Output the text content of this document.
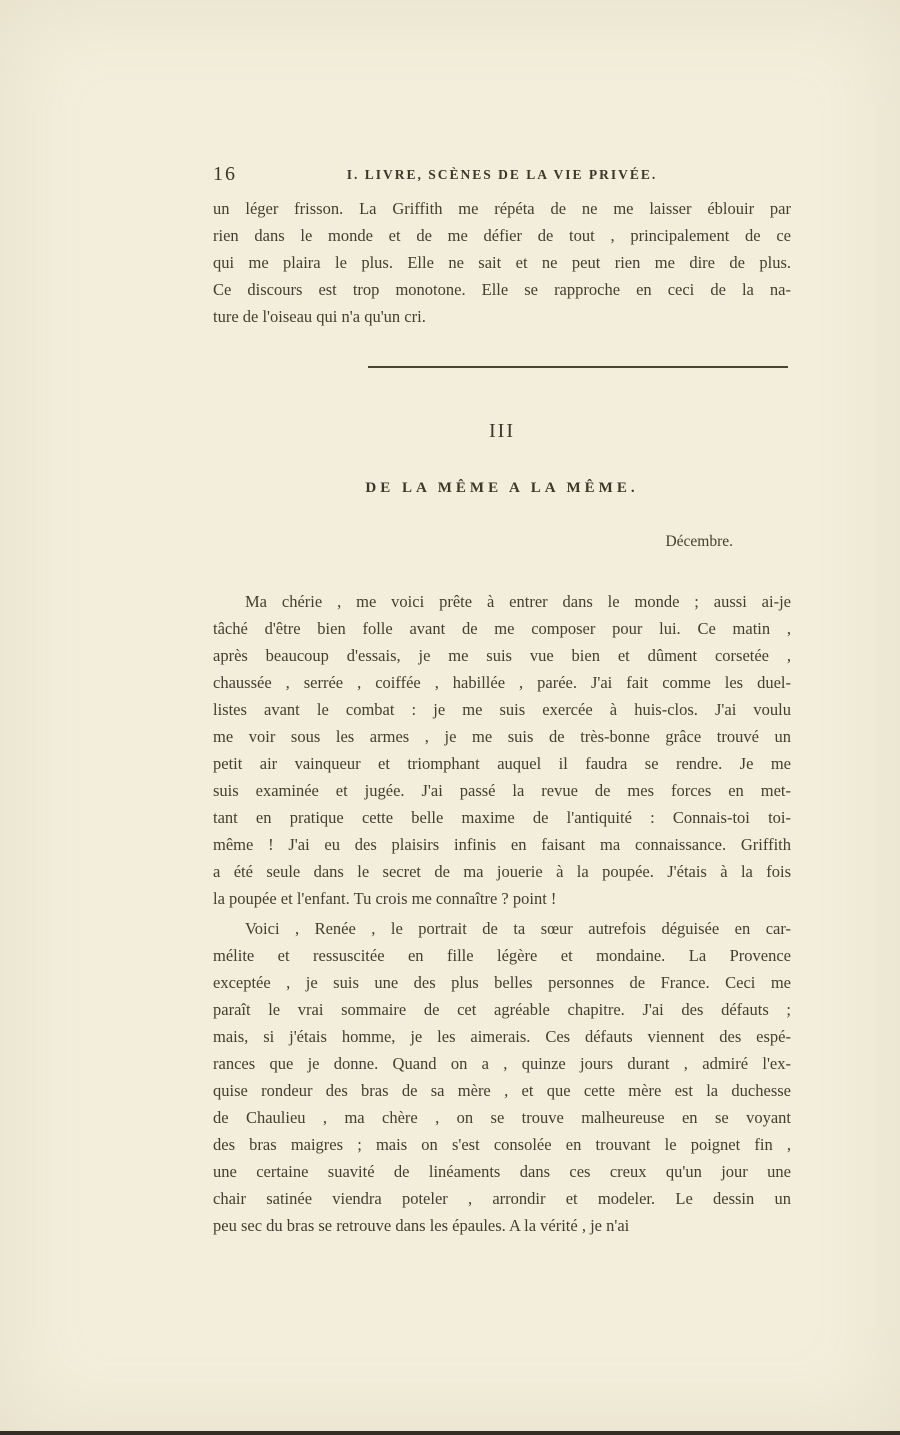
16	I. LIVRE, SCÈNES DE LA VIE PRIVÉE.
un léger frisson. La Griffith me répéta de ne me laisser éblouir par
rien dans le monde et de me défier de tout , principalement de ce
qui me plaira le plus. Elle ne sait et ne peut rien me dire de plus.
Ce discours est trop monotone. Elle se rapproche en ceci de la na-
ture de l'oiseau qui n'a qu'un cri.
III
DE LA MÊME A LA MÊME.
Décembre.
Ma chérie , me voici prête à entrer dans le monde ; aussi ai-je
tâché d'être bien folle avant de me composer pour lui. Ce matin ,
après beaucoup d'essais, je me suis vue bien et dûment corsetée ,
chaussée , serrée , coiffée , habillée , parée. J'ai fait comme les duel-
listes avant le combat : je me suis exercée à huis-clos. J'ai voulu
me voir sous les armes , je me suis de très-bonne grâce trouvé un
petit air vainqueur et triomphant auquel il faudra se rendre. Je me
suis examinée et jugée. J'ai passé la revue de mes forces en met-
tant en pratique cette belle maxime de l'antiquité : Connais-toi toi-
même ! J'ai eu des plaisirs infinis en faisant ma connaissance. Griffith
a été seule dans le secret de ma jouerie à la poupée. J'étais à la fois
la poupée et l'enfant. Tu crois me connaître ? point !
Voici , Renée , le portrait de ta sœur autrefois déguisée en car-
mélite et ressuscitée en fille légère et mondaine. La Provence
exceptée , je suis une des plus belles personnes de France. Ceci me
paraît le vrai sommaire de cet agréable chapitre. J'ai des défauts ;
mais, si j'étais homme, je les aimerais. Ces défauts viennent des espé-
rances que je donne. Quand on a , quinze jours durant , admiré l'ex-
quise rondeur des bras de sa mère , et que cette mère est la duchesse
de Chaulieu , ma chère , on se trouve malheureuse en se voyant
des bras maigres ; mais on s'est consolée en trouvant le poignet fin ,
une certaine suavité de linéaments dans ces creux qu'un jour une
chair satinée viendra poteler , arrondir et modeler. Le dessin un
peu sec du bras se retrouve dans les épaules. A la vérité , je n'ai
